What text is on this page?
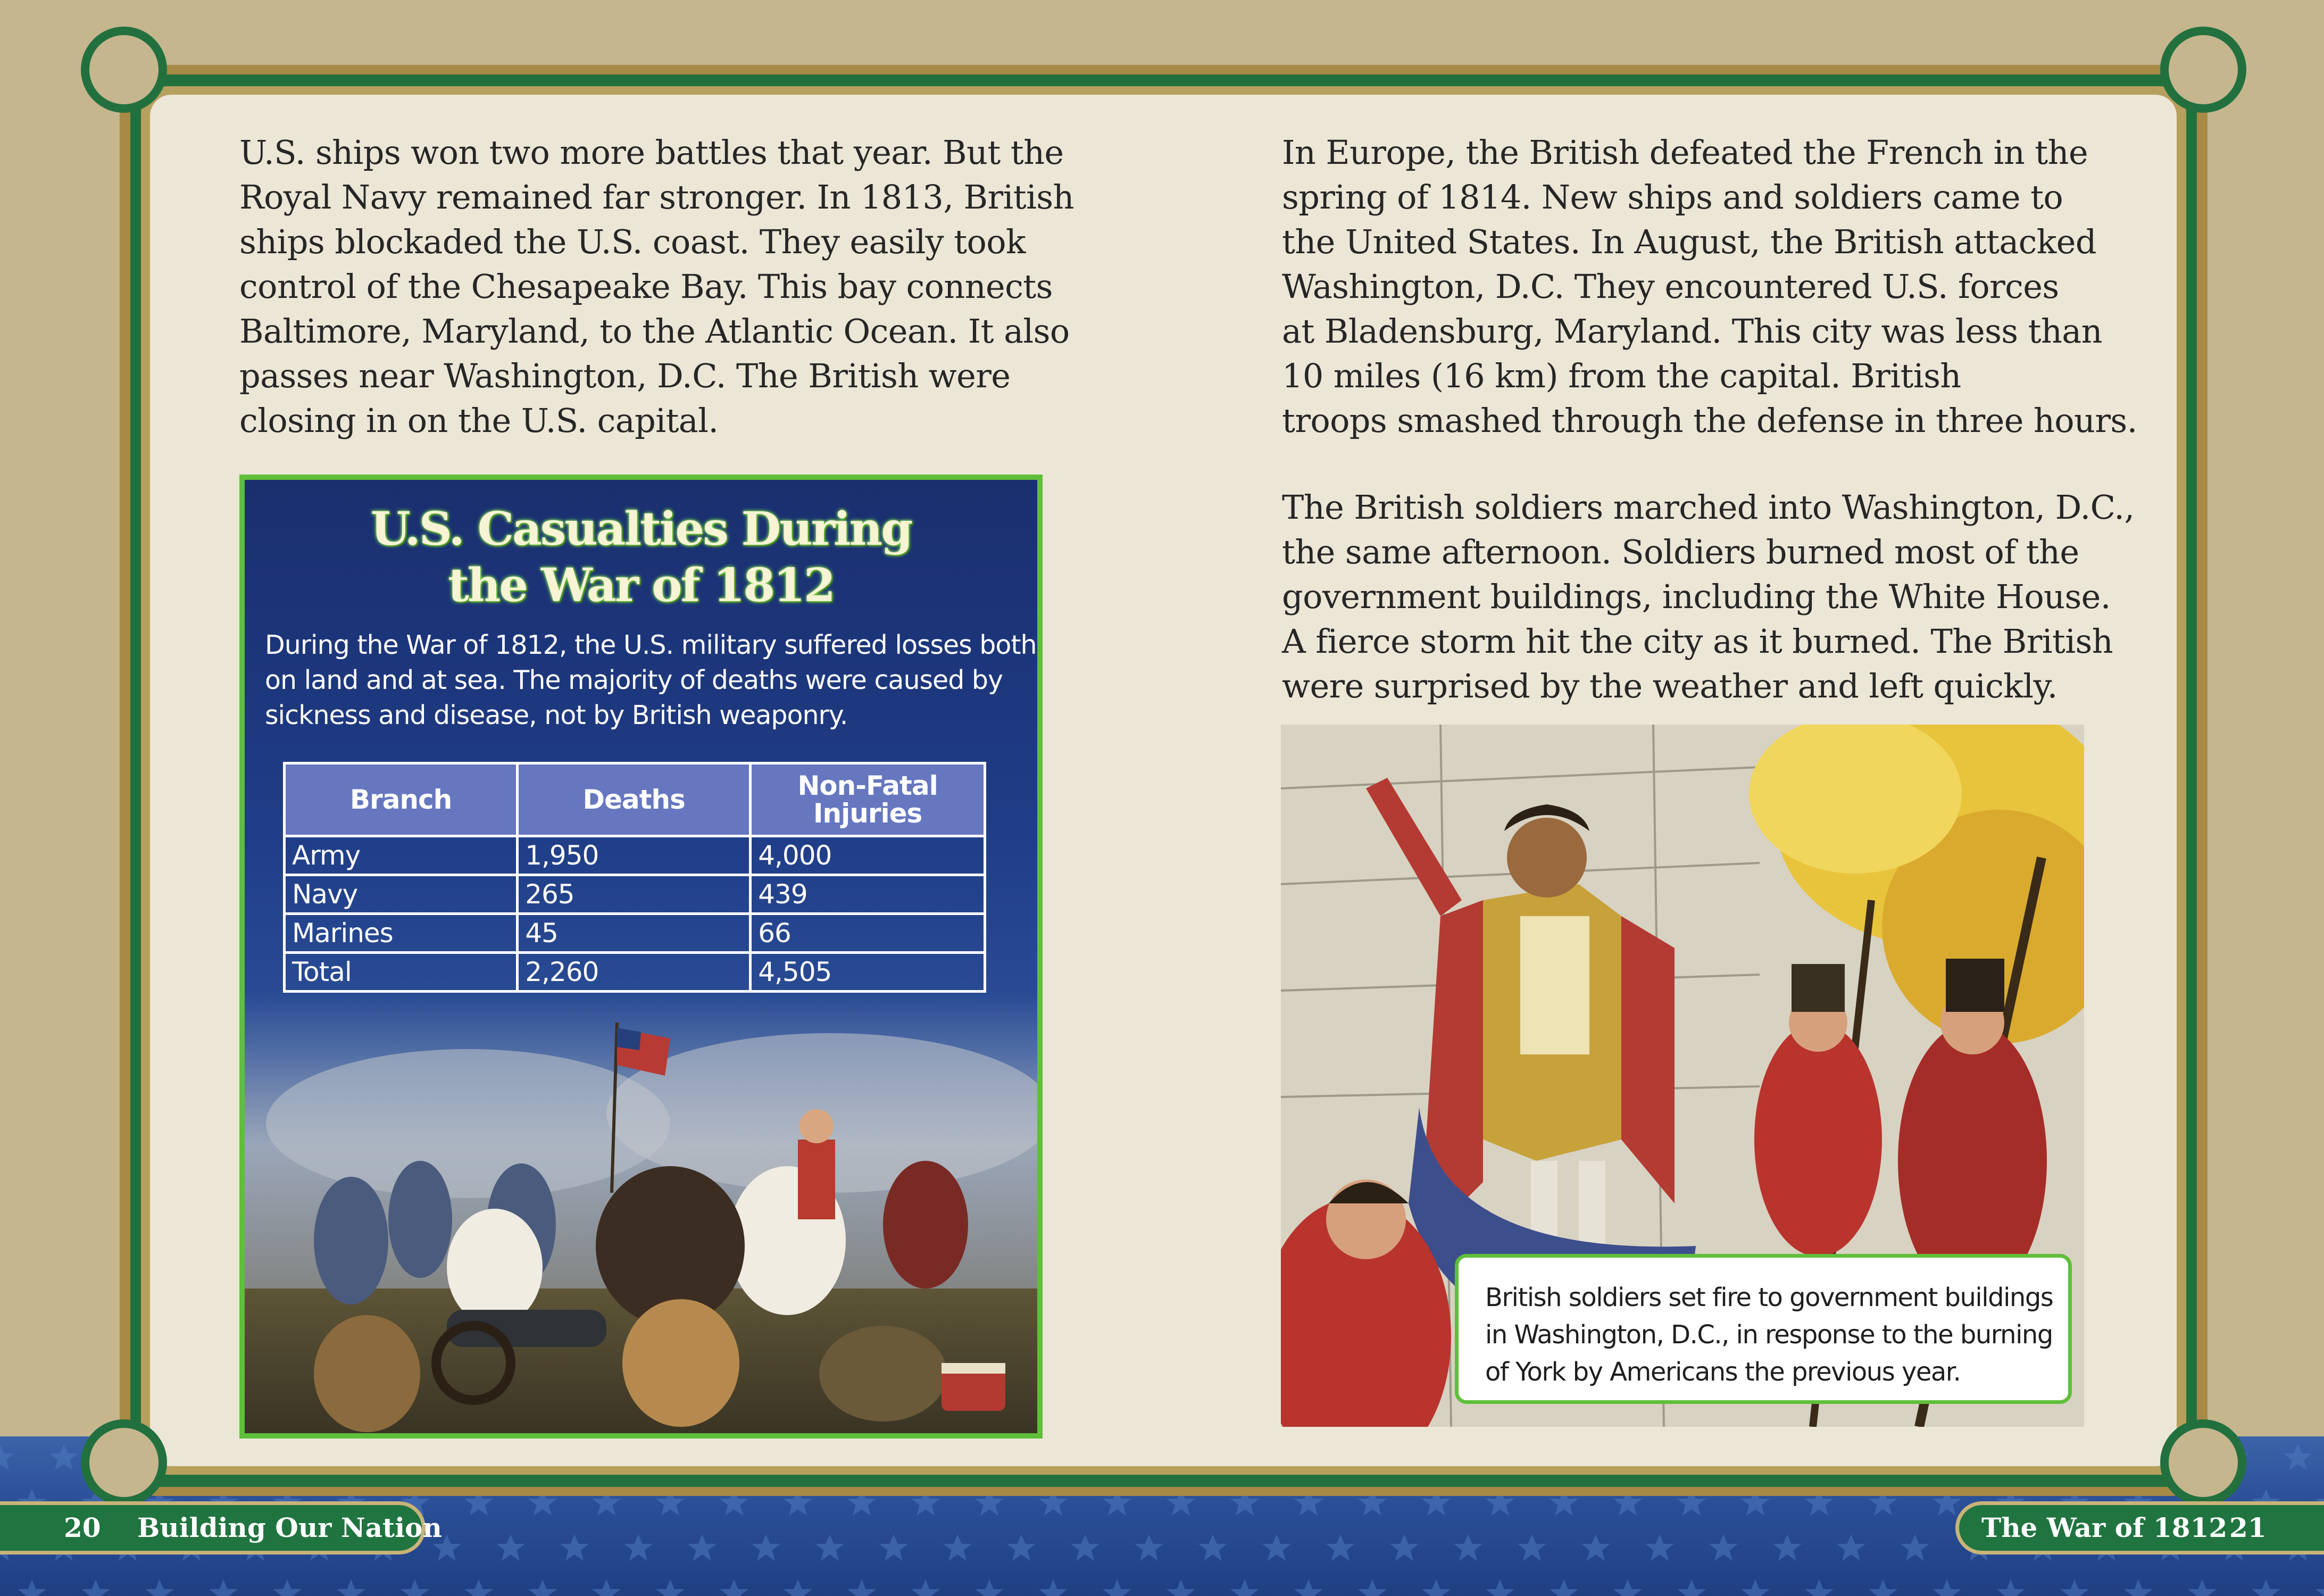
U.S. ships won two more battles that year. But the
Royal Navy remained far stronger. In 1813, British
ships blockaded the U.S. coast. They easily took
control of the Chesapeake Bay. This bay connects
Baltimore, Maryland, to the Atlantic Ocean. It also
passes near Washington, D.C. The British were
closing in on the U.S. capital.
U.S. Casualties During
the War of 1812
During the War of 1812, the U.S. military suffered losses both
on land and at sea. The majority of deaths were caused by
sickness and disease, not by British weaponry.
Branch	Deaths	Non-Fatal Injuries
Army	1,950	4,000
Navy	265	439
Marines	45	66
Total	2,260	4,505
In Europe, the British defeated the French in the
spring of 1814. New ships and soldiers came to
the United States. In August, the British attacked
Washington, D.C. They encountered U.S. forces
at Bladensburg, Maryland. This city was less than
10 miles (16 km) from the capital. British
troops smashed through the defense in three hours.
The British soldiers marched into Washington, D.C.,
the same afternoon. Soldiers burned most of the
government buildings, including the White House.
A fierce storm hit the city as it burned. The British
were surprised by the weather and left quickly.
British soldiers set fire to government buildings
in Washington, D.C., in response to the burning
of York by Americans the previous year.
20 Building Our Nation	The War of 1812 21
